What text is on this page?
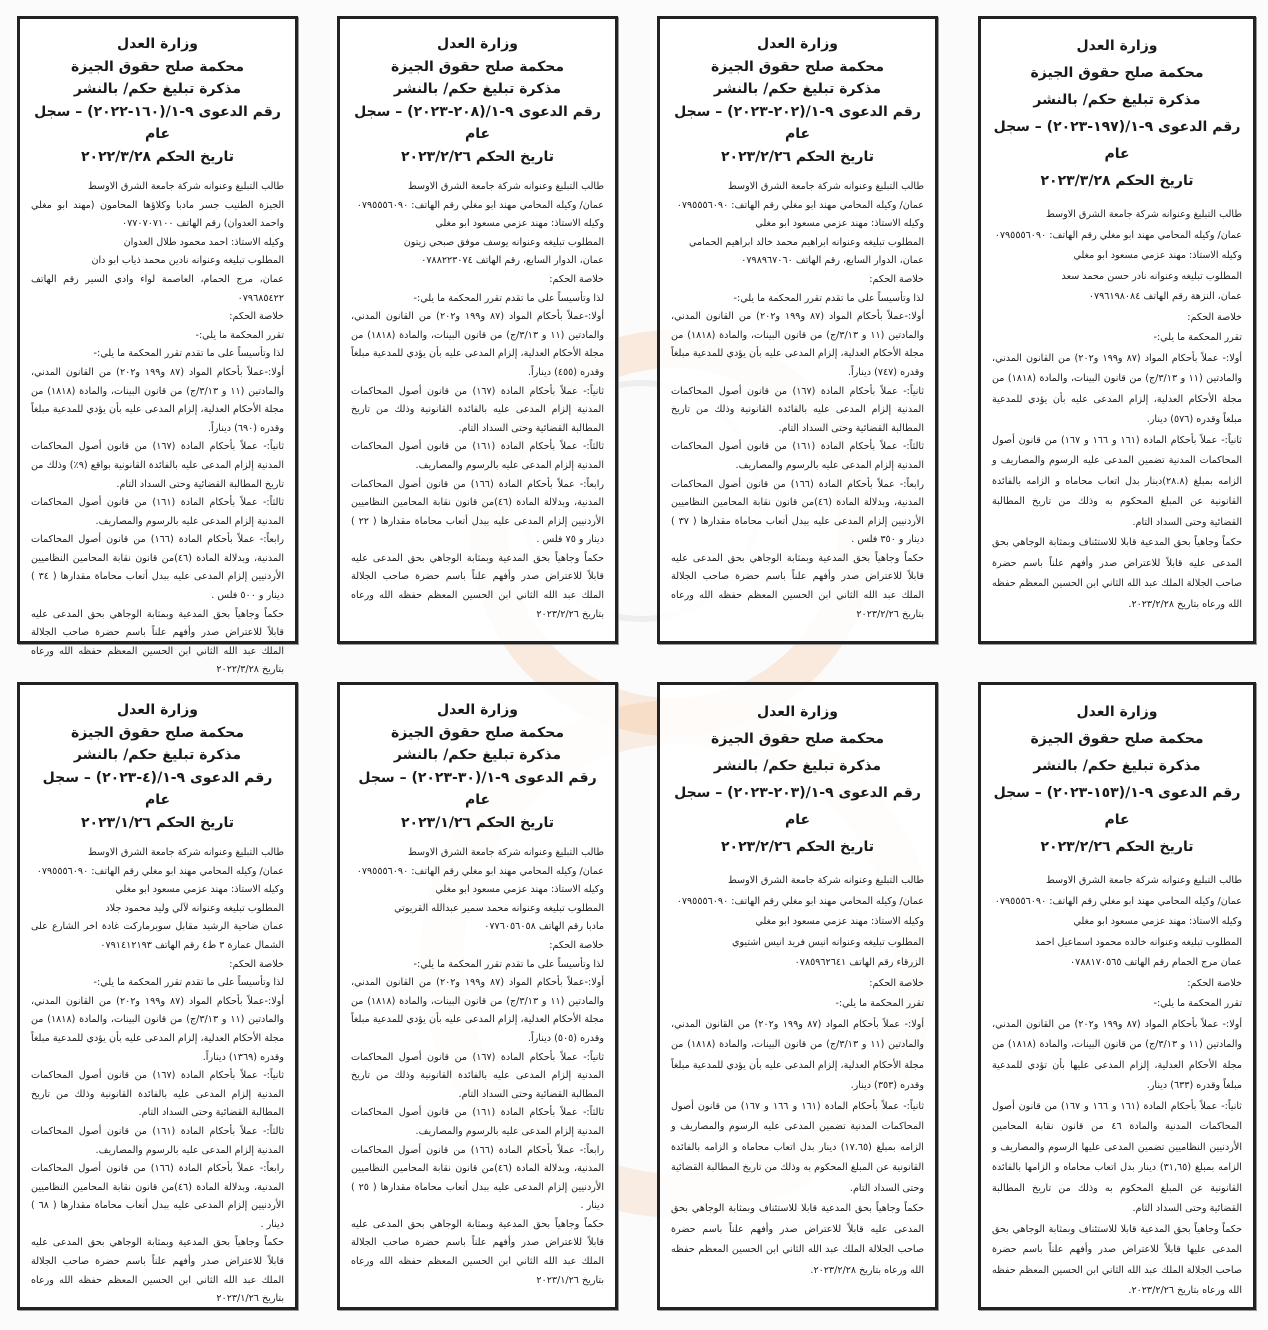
وزارة العدل
محكمة صلح حقوق الجيزة
مذكرة تبليغ حكم/ بالنشر
رقم الدعوى ٩-١/(١٩٧-٢٠٢٣) – سجل عام
تاريخ الحكم ٢٠٢٣/٣/٢٨

طالب التبليغ وعنوانه شركة جامعة الشرق الاوسط

عمان/ وكيله المحامي مهند ابو مغلي رقم الهاتف: ٠٧٩٥٥٥٦٠٩٠

وكيله الاستاذ: مهند عزمي مسعود ابو مغلي

المطلوب تبليغه وعنوانه نادر حسن محمد سعد

عمان، النزهة رقم الهاتف ٠٧٩٦١٩٨٠٨٤

خلاصة الحكم:

تقرر المحكمة ما يلي:-

أولا:- عملاً بأحكام المواد (٨٧ و١٩٩ و٢٠٢) من القانون المدني، والمادتين (١١ و ٣/١٣/ج) من قانون البينات، والمادة (١٨١٨) من مجلة الأحكام العدلية، إلزام المدعى عليه بأن يؤدي للمدعية مبلغاً وقدره (٥٧٦) دينار.

ثانياً:- عملاً بأحكام المادة (١٦١ و ١٦٦ و ١٦٧) من قانون أصول المحاكمات المدنية تضمين المدعى عليه الرسوم والمصاريف و الزامه بمبلغ (٢٨.٨)دينار بدل اتعاب محاماه و الزامه بالفائدة القانونية عن المبلغ المحكوم به وذلك من تاريخ المطالبة القضائية وحتى السداد التام.

حكماً وجاهياً بحق المدعية قابلا للاستئناف وبمثابة الوجاهي بحق المدعى عليه قابلاً للاعتراض صدر وأفهم علناً باسم حضرة صاحب الجلالة الملك عبد الله الثاني ابن الحسين المعظم حفظه الله ورعاه بتاريخ ٢٠٢٣/٢/٢٨.

وزارة العدل
محكمة صلح حقوق الجيزة
مذكرة تبليغ حكم/ بالنشر
رقم الدعوى ٩-١/(٢٠٢-٢٠٢٣) – سجل عام
تاريخ الحكم ٢٠٢٣/٢/٢٦

طالب التبليغ وعنوانه شركة جامعة الشرق الاوسط

عمان/ وكيله المحامي مهند ابو مغلي رقم الهاتف: ٠٧٩٥٥٥٦٠٩٠

وكيله الاستاذ: مهند عزمي مسعود ابو مغلي

المطلوب تبليغه وعنوانه ابراهيم محمد خالد ابراهيم الحمامي

عمان، الدوار السابع، رقم الهاتف ٠٧٩٨٩٦٧٠٦٠

خلاصة الحكم:

لذا وتأسيساً على ما تقدم تقرر المحكمة ما يلي:-

أولا:-عملاً بأحكام المواد (٨٧ و١٩٩ و٢٠٢) من القانون المدني، والمادتين (١١ و ٣/١٣/ج) من قانون البينات، والمادة (١٨١٨) من مجلة الأحكام العدلية، إلزام المدعى عليه بأن يؤدي للمدعية مبلغاً وقدره (٧٤٧) ديناراً.

ثانياً:- عملاً بأحكام المادة (١٦٧) من قانون أصول المحاكمات المدنية إلزام المدعى عليه بالفائدة القانونية وذلك من تاريخ المطالبة القضائية وحتى السداد التام.

ثالثاً:- عملاً بأحكام المادة (١٦١) من قانون أصول المحاكمات المدنية إلزام المدعى عليه بالرسوم والمصاريف.

رابعاً:- عملاً بأحكام المادة (١٦٦) من قانون أصول المحاكمات المدنية، وبدلالة المادة (٤٦)من قانون نقابة المحامين النظاميين الأردنيين إلزام المدعى عليه ببدل أتعاب محاماة مقدارها ( ٣٧ ) دينار و ٣٥٠ فلس .

حكماً وجاهياً بحق المدعية وبمثابة الوجاهي بحق المدعى عليه قابلاً للاعتراض صدر وأفهم علناً باسم حضرة صاحب الجلالة الملك عبد الله الثاني ابن الحسين المعظم حفظه الله ورعاه بتاريخ ٢٠٢٣/٢/٢٦

وزارة العدل
محكمة صلح حقوق الجيزة
مذكرة تبليغ حكم/ بالنشر
رقم الدعوى ٩-١/(٢٠٨-٢٠٢٣) – سجل عام
تاريخ الحكم ٢٠٢٣/٢/٢٦

طالب التبليغ وعنوانه شركة جامعة الشرق الاوسط

عمان/ وكيله المحامي مهند ابو مغلي رقم الهاتف: ٠٧٩٥٥٥٦٠٩٠

وكيله الاستاذ: مهند عزمي مسعود ابو مغلي

المطلوب تبليغه وعنوانه يوسف موفق صبحي زيتون

عمان، الدوار السابع، رقم الهاتف ٠٧٨٨٢٢٣٠٧٤

خلاصة الحكم:

لذا وتأسيساً على ما تقدم تقرر المحكمة ما يلي:-

أولا:-عملاً بأحكام المواد (٨٧ و١٩٩ و٢٠٢) من القانون المدني، والمادتين (١١ و ٣/١٣/ج) من قانون البينات، والمادة (١٨١٨) من مجلة الأحكام العدلية، إلزام المدعى عليه بأن يؤدي للمدعية مبلغاً وقدره (٤٥٥) ديناراً.

ثانياً:- عملاً بأحكام المادة (١٦٧) من قانون أصول المحاكمات المدنية إلزام المدعى عليه بالفائدة القانونية وذلك من تاريخ المطالبة القضائية وحتى السداد التام.

ثالثاً:- عملاً بأحكام المادة (١٦١) من قانون أصول المحاكمات المدنية إلزام المدعى عليه بالرسوم والمصاريف.

رابعاً:- عملاً بأحكام المادة (١٦٦) من قانون أصول المحاكمات المدنية، وبدلالة المادة (٤٦)من قانون نقابة المحامين النظاميين الأردنيين إلزام المدعى عليه ببدل أتعاب محاماة مقدارها ( ٢٢ ) دينار و ٧٥ فلس .

حكماً وجاهياً بحق المدعية وبمثابة الوجاهي بحق المدعى عليه قابلاً للاعتراض صدر وأفهم علناً باسم حضرة صاحب الجلالة الملك عبد الله الثاني ابن الحسين المعظم حفظه الله ورعاه بتاريخ ٢٠٢٣/٢/٢٦

وزارة العدل
محكمة صلح حقوق الجيزة
مذكرة تبليغ حكم/ بالنشر
رقم الدعوى ٩-١/(١٦٠-٢٠٢٢) – سجل عام
تاريخ الحكم ٢٠٢٢/٣/٢٨

طالب التبليغ وعنوانه شركة جامعة الشرق الاوسط

الجيزة الطنيب جسر مادبا وكلاؤها المحامون (مهند ابو مغلي واحمد العدوان) رقم الهاتف ٠٧٧٠٧٠٧١٠٠

وكيله الاستاذ: احمد محمود طلال العدوان

المطلوب تبليغه وعنوانه نادين محمد ذياب ابو دان

عمان، مرج الحمام، العاصمة لواء وادي السير رقم الهاتف ٠٧٩٦٨٥٤٢٢

خلاصة الحكم:

تقرر المحكمة ما يلي:-

لذا وتأسيساً على ما تقدم تقرر المحكمة ما يلي:-

أولا:-عملاً بأحكام المواد (٨٧ و١٩٩ و٢٠٢) من القانون المدني، والمادتين (١١ و ٣/١٣/ج) من قانون البينات، والمادة (١٨١٨) من مجلة الأحكام العدلية، إلزام المدعى عليه بأن يؤدي للمدعية مبلغاً وقدره (٦٩٠) ديناراً.

ثانياً:- عملاً بأحكام المادة (١٦٧) من قانون أصول المحاكمات المدنية إلزام المدعى عليه بالفائدة القانونية بواقع (٩٪) وذلك من تاريخ المطالبة القضائية وحتى السداد التام.

ثالثاً:- عملاً بأحكام المادة (١٦١) من قانون أصول المحاكمات المدنية إلزام المدعى عليه بالرسوم والمصاريف.

رابعاً:- عملاً بأحكام المادة (١٦٦) من قانون أصول المحاكمات المدنية، وبدلالة المادة (٤٦)من قانون نقابة المحامين النظاميين الأردنيين إلزام المدعى عليه ببدل أتعاب محاماة مقدارها ( ٣٤ ) دينار و ٥٠٠ فلس .

حكماً وجاهياً بحق المدعية وبمثابة الوجاهي بحق المدعى عليه قابلاً للاعتراض صدر وأفهم علناً باسم حضرة صاحب الجلالة الملك عبد الله الثاني ابن الحسين المعظم حفظه الله ورعاه بتاريخ ٢٠٢٢/٣/٢٨

وزارة العدل
محكمة صلح حقوق الجيزة
مذكرة تبليغ حكم/ بالنشر
رقم الدعوى ٩-١/(١٥٣-٢٠٢٣) – سجل عام
تاريخ الحكم ٢٠٢٣/٢/٢٦

طالب التبليغ وعنوانه شركة جامعة الشرق الاوسط

عمان/ وكيله المحامي مهند ابو مغلي رقم الهاتف: ٠٧٩٥٥٥٦٠٩٠

وكيله الاستاذ: مهند عزمي مسعود ابو مغلي

المطلوب تبليغه وعنوانه خالده محمود اسماعيل احمد

عمان مرج الحمام رقم الهاتف ٠٧٨٨١٧٠٥٦٥

خلاصة الحكم:

تقرر المحكمة ما يلي:-

أولا:- عملاً بأحكام المواد (٨٧ و١٩٩ و٢٠٢) من القانون المدني، والمادتين (١١ و ٣/١٣/ج) من قانون البينات، والمادة (١٨١٨) من مجلة الأحكام العدلية، إلزام المدعى عليها بأن تؤدي للمدعية مبلغاً وقدره (٦٣٣) دينار.

ثانياً:- عملاً بأحكام المادة (١٦١ و ١٦٦ و ١٦٧) من قانون أصول المحاكمات المدنية والمادة ٤٦ من قانون نقابة المحامين الأردنيين النظاميين تضمين المدعى عليها الرسوم والمصاريف و الزامه بمبلغ (٣١,٦٥) دينار بدل اتعاب محاماه و الزامها بالفائدة القانونية عن المبلغ المحكوم به وذلك من تاريخ المطالبة القضائية وحتى السداد التام.

حكماً وجاهياً بحق المدعية قابلا للاستئناف وبمثابة الوجاهي بحق المدعى عليها قابلاً للاعتراض صدر وأفهم علناً باسم حضرة صاحب الجلالة الملك عبد الله الثاني ابن الحسين المعظم حفظه الله ورعاه بتاريخ ٢٠٢٣/٢/٢٦.

وزارة العدل
محكمة صلح حقوق الجيزة
مذكرة تبليغ حكم/ بالنشر
رقم الدعوى ٩-١/(٢٠٣-٢٠٢٣) – سجل عام
تاريخ الحكم ٢٠٢٣/٢/٢٦

طالب التبليغ وعنوانه شركة جامعة الشرق الاوسط

عمان/ وكيله المحامي مهند ابو مغلي رقم الهاتف: ٠٧٩٥٥٥٦٠٩٠

وكيله الاستاذ: مهند عزمي مسعود ابو مغلي

المطلوب تبليغه وعنوانه انيس فريد انيس اشتيوي

الزرقاء رقم الهاتف ٠٧٨٥٩٦٢٦٤١

خلاصة الحكم:

تقرر المحكمة ما يلي:-

أولا:- عملاً بأحكام المواد (٨٧ و١٩٩ و٢٠٢) من القانون المدني، والمادتين (١١ و ٣/١٣/ج) من قانون البينات، والمادة (١٨١٨) من مجلة الأحكام العدلية، إلزام المدعى عليه بأن يؤدي للمدعية مبلغاً وقدره (٣٥٣) دينار.

ثانياً:- عملاً بأحكام المادة (١٦١ و ١٦٦ و ١٦٧) من قانون أصول المحاكمات المدنية تضمين المدعى عليه الرسوم والمصاريف و الزامه بمبلغ (١٧.٦٥) دينار بدل اتعاب محاماه و الزامه بالفائدة القانونية عن المبلغ المحكوم به وذلك من تاريخ المطالبة القضائية وحتى السداد التام.

حكماً وجاهياً بحق المدعية قابلا للاستئناف وبمثابة الوجاهي بحق المدعى عليه قابلاً للاعتراض صدر وأفهم علناً باسم حضرة صاحب الجلالة الملك عبد الله الثاني ابن الحسين المعظم حفظه الله ورعاه بتاريخ ٢٠٢٣/٢/٢٨.

وزارة العدل
محكمة صلح حقوق الجيزة
مذكرة تبليغ حكم/ بالنشر
رقم الدعوى ٩-١/(٣٠-٢٠٢٣) – سجل عام
تاريخ الحكم ٢٠٢٣/١/٢٦

طالب التبليغ وعنوانه شركة جامعة الشرق الاوسط

عمان/ وكيله المحامي مهند ابو مغلي رقم الهاتف: ٠٧٩٥٥٥٦٠٩٠

وكيله الاستاذ: مهند عزمي مسعود ابو مغلي

المطلوب تبليغه وعنوانه محمد سمير عبدالله القريوتي

مادبا رقم الهاتف ٠٧٧٦٠٥٦٠٥٨

خلاصة الحكم:

لذا وتأسيساً على ما تقدم تقرر المحكمة ما يلي:-

أولا:-عملاً بأحكام المواد (٨٧ و١٩٩ و٢٠٢) من القانون المدني، والمادتين (١١ و ٣/١٣/ج) من قانون البينات، والمادة (١٨١٨) من مجلة الأحكام العدلية، إلزام المدعى عليه بأن يؤدي للمدعية مبلغاً وقدره (٥٠٥) ديناراً.

ثانياً:- عملاً بأحكام المادة (١٦٧) من قانون أصول المحاكمات المدنية إلزام المدعى عليه بالفائدة القانونية وذلك من تاريخ المطالبة القضائية وحتى السداد التام.

ثالثاً:- عملاً بأحكام المادة (١٦١) من قانون أصول المحاكمات المدنية إلزام المدعى عليه بالرسوم والمصاريف.

رابعاً:- عملاً بأحكام المادة (١٦٦) من قانون أصول المحاكمات المدنية، وبدلالة المادة (٤٦)من قانون نقابة المحامين النظاميين الأردنيين إلزام المدعى عليه ببدل أتعاب محاماة مقدارها ( ٢٥ ) دينار .

حكماً وجاهياً بحق المدعية وبمثابة الوجاهي بحق المدعى عليه قابلاً للاعتراض صدر وأفهم علناً باسم حضرة صاحب الجلالة الملك عبد الله الثاني ابن الحسين المعظم حفظه الله ورعاه بتاريخ ٢٠٢٣/١/٢٦

وزارة العدل
محكمة صلح حقوق الجيزة
مذكرة تبليغ حكم/ بالنشر
رقم الدعوى ٩-١/(٤-٢٠٢٣) – سجل عام
تاريخ الحكم ٢٠٢٣/١/٢٦

طالب التبليغ وعنوانه شركة جامعة الشرق الاوسط

عمان/ وكيله المحامي مهند ابو مغلي رقم الهاتف: ٠٧٩٥٥٥٦٠٩٠

وكيله الاستاذ: مهند عزمي مسعود ابو مغلي

المطلوب تبليغه وعنوانه لآلي وليد محمود جلاد

عمان ضاحية الرشيد مقابل سوبرماركت غادة اخر الشارع على الشمال عمارة ٣ ط٤ رقم الهاتف ٠٧٩١٤١٢١٩٣

خلاصة الحكم:

لذا وتأسيساً على ما تقدم تقرر المحكمة ما يلي:-

أولا:-عملاً بأحكام المواد (٨٧ و١٩٩ و٢٠٢) من القانون المدني، والمادتين (١١ و ٣/١٣/ج) من قانون البينات، والمادة (١٨١٨) من مجلة الأحكام العدلية، إلزام المدعى عليه بأن يؤدي للمدعية مبلغاً وقدره (١٣٦٩) ديناراً.

ثانياً:- عملاً بأحكام المادة (١٦٧) من قانون أصول المحاكمات المدنية إلزام المدعى عليه بالفائدة القانونية وذلك من تاريخ المطالبة القضائية وحتى السداد التام.

ثالثاً:- عملاً بأحكام المادة (١٦١) من قانون أصول المحاكمات المدنية إلزام المدعى عليه بالرسوم والمصاريف.

رابعاً:- عملاً بأحكام المادة (١٦٦) من قانون أصول المحاكمات المدنية، وبدلالة المادة (٤٦)من قانون نقابة المحامين النظاميين الأردنيين إلزام المدعى عليه ببدل أتعاب محاماة مقدارها ( ٦٨ ) دينار .

حكماً وجاهياً بحق المدعية وبمثابة الوجاهي بحق المدعى عليه قابلاً للاعتراض صدر وأفهم علناً باسم حضرة صاحب الجلالة الملك عبد الله الثاني ابن الحسين المعظم حفظه الله ورعاه بتاريخ ٢٠٢٣/١/٢٦
